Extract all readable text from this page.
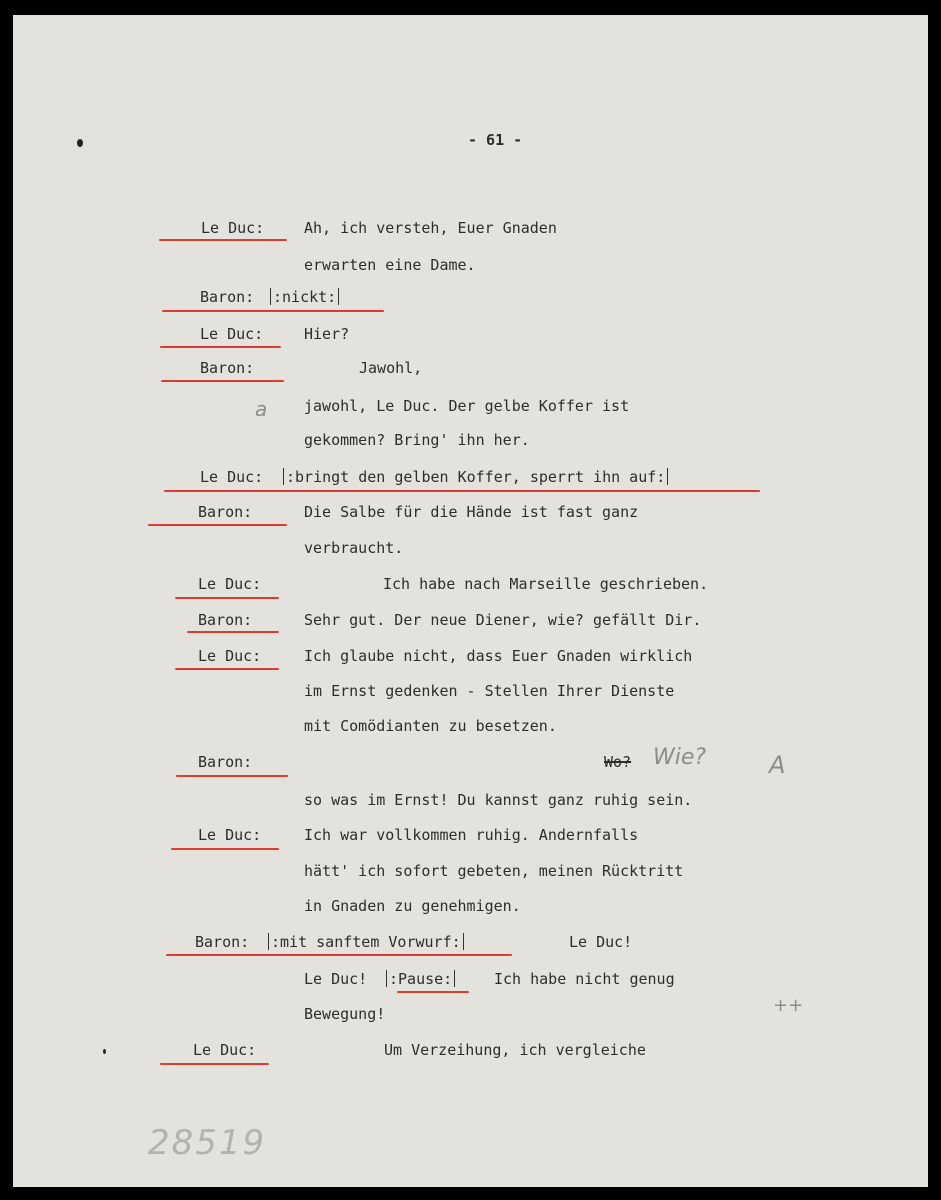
- 61 -
Le Duc:	Ah, ich versteh, Euer Gnaden
erwarten eine Dame.
Baron:	:nickt:
Le Duc:	Hier?
Baron:	Jawohl,
a jawohl, Le Duc. Der gelbe Koffer ist
gekommen? Bring' ihn her.
Le Duc:	:bringt den gelben Koffer, sperrt ihn auf:
Baron:	Die Salbe für die Hände ist fast ganz
verbraucht.
Le Duc:	Ich habe nach Marseille geschrieben.
Baron:	Sehr gut. Der neue Diener, wie? gefällt Dir.
Le Duc:	Ich glaube nicht, dass Euer Gnaden wirklich
im Ernst gedenken - Stellen Ihrer Dienste
mit Comödianten zu besetzen.
Baron:	Wo? Wie?	A
so was im Ernst! Du kannst ganz ruhig sein.
Le Duc:	Ich war vollkommen ruhig. Andernfalls
hätt' ich sofort gebeten, meinen Rücktritt
in Gnaden zu genehmigen.
Baron:	:mit sanftem Vorwurf:	Le Duc!
Le Duc!	:Pause:	Ich habe nicht genug
++
Bewegung!
Le Duc:	Um Verzeihung, ich vergleiche
28519
